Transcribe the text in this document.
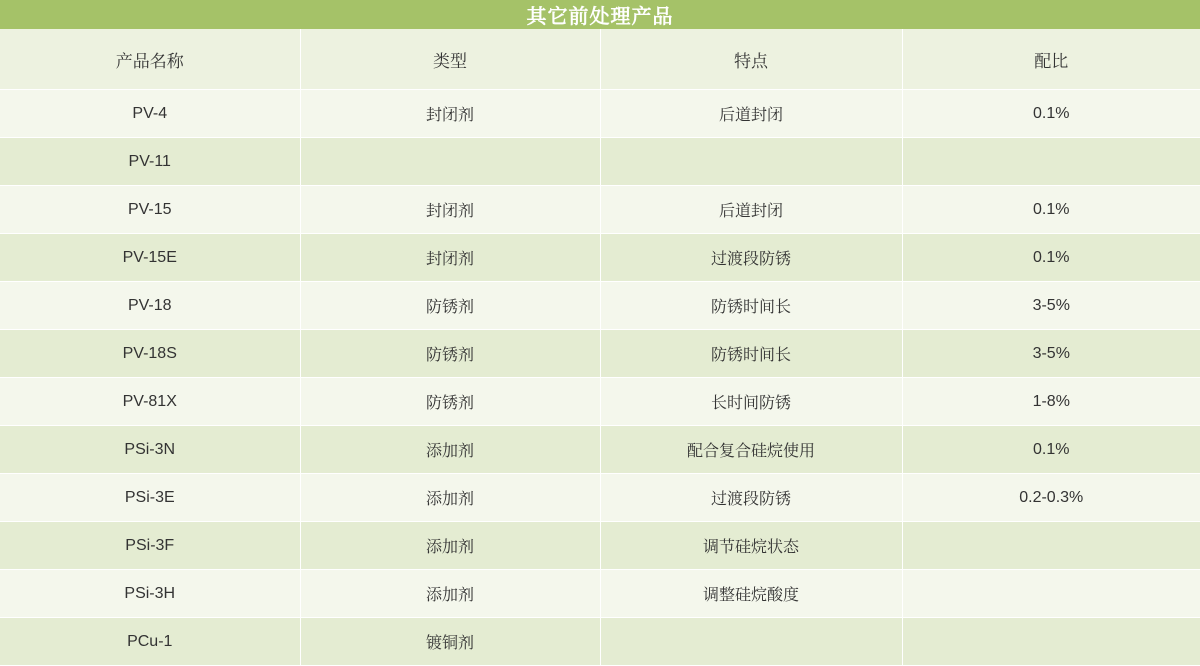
其它前处理产品
产品名称	类型	特点	配比
PV-4	封闭剂	后道封闭	0.1%
PV-11			
PV-15	封闭剂	后道封闭	0.1%
PV-15E	封闭剂	过渡段防锈	0.1%
PV-18	防锈剂	防锈时间长	3-5%
PV-18S	防锈剂	防锈时间长	3-5%
PV-81X	防锈剂	长时间防锈	1-8%
PSi-3N	添加剂	配合复合硅烷使用	0.1%
PSi-3E	添加剂	过渡段防锈	0.2-0.3%
PSi-3F	添加剂	调节硅烷状态	
PSi-3H	添加剂	调整硅烷酸度	
PCu-1	镀铜剂		
